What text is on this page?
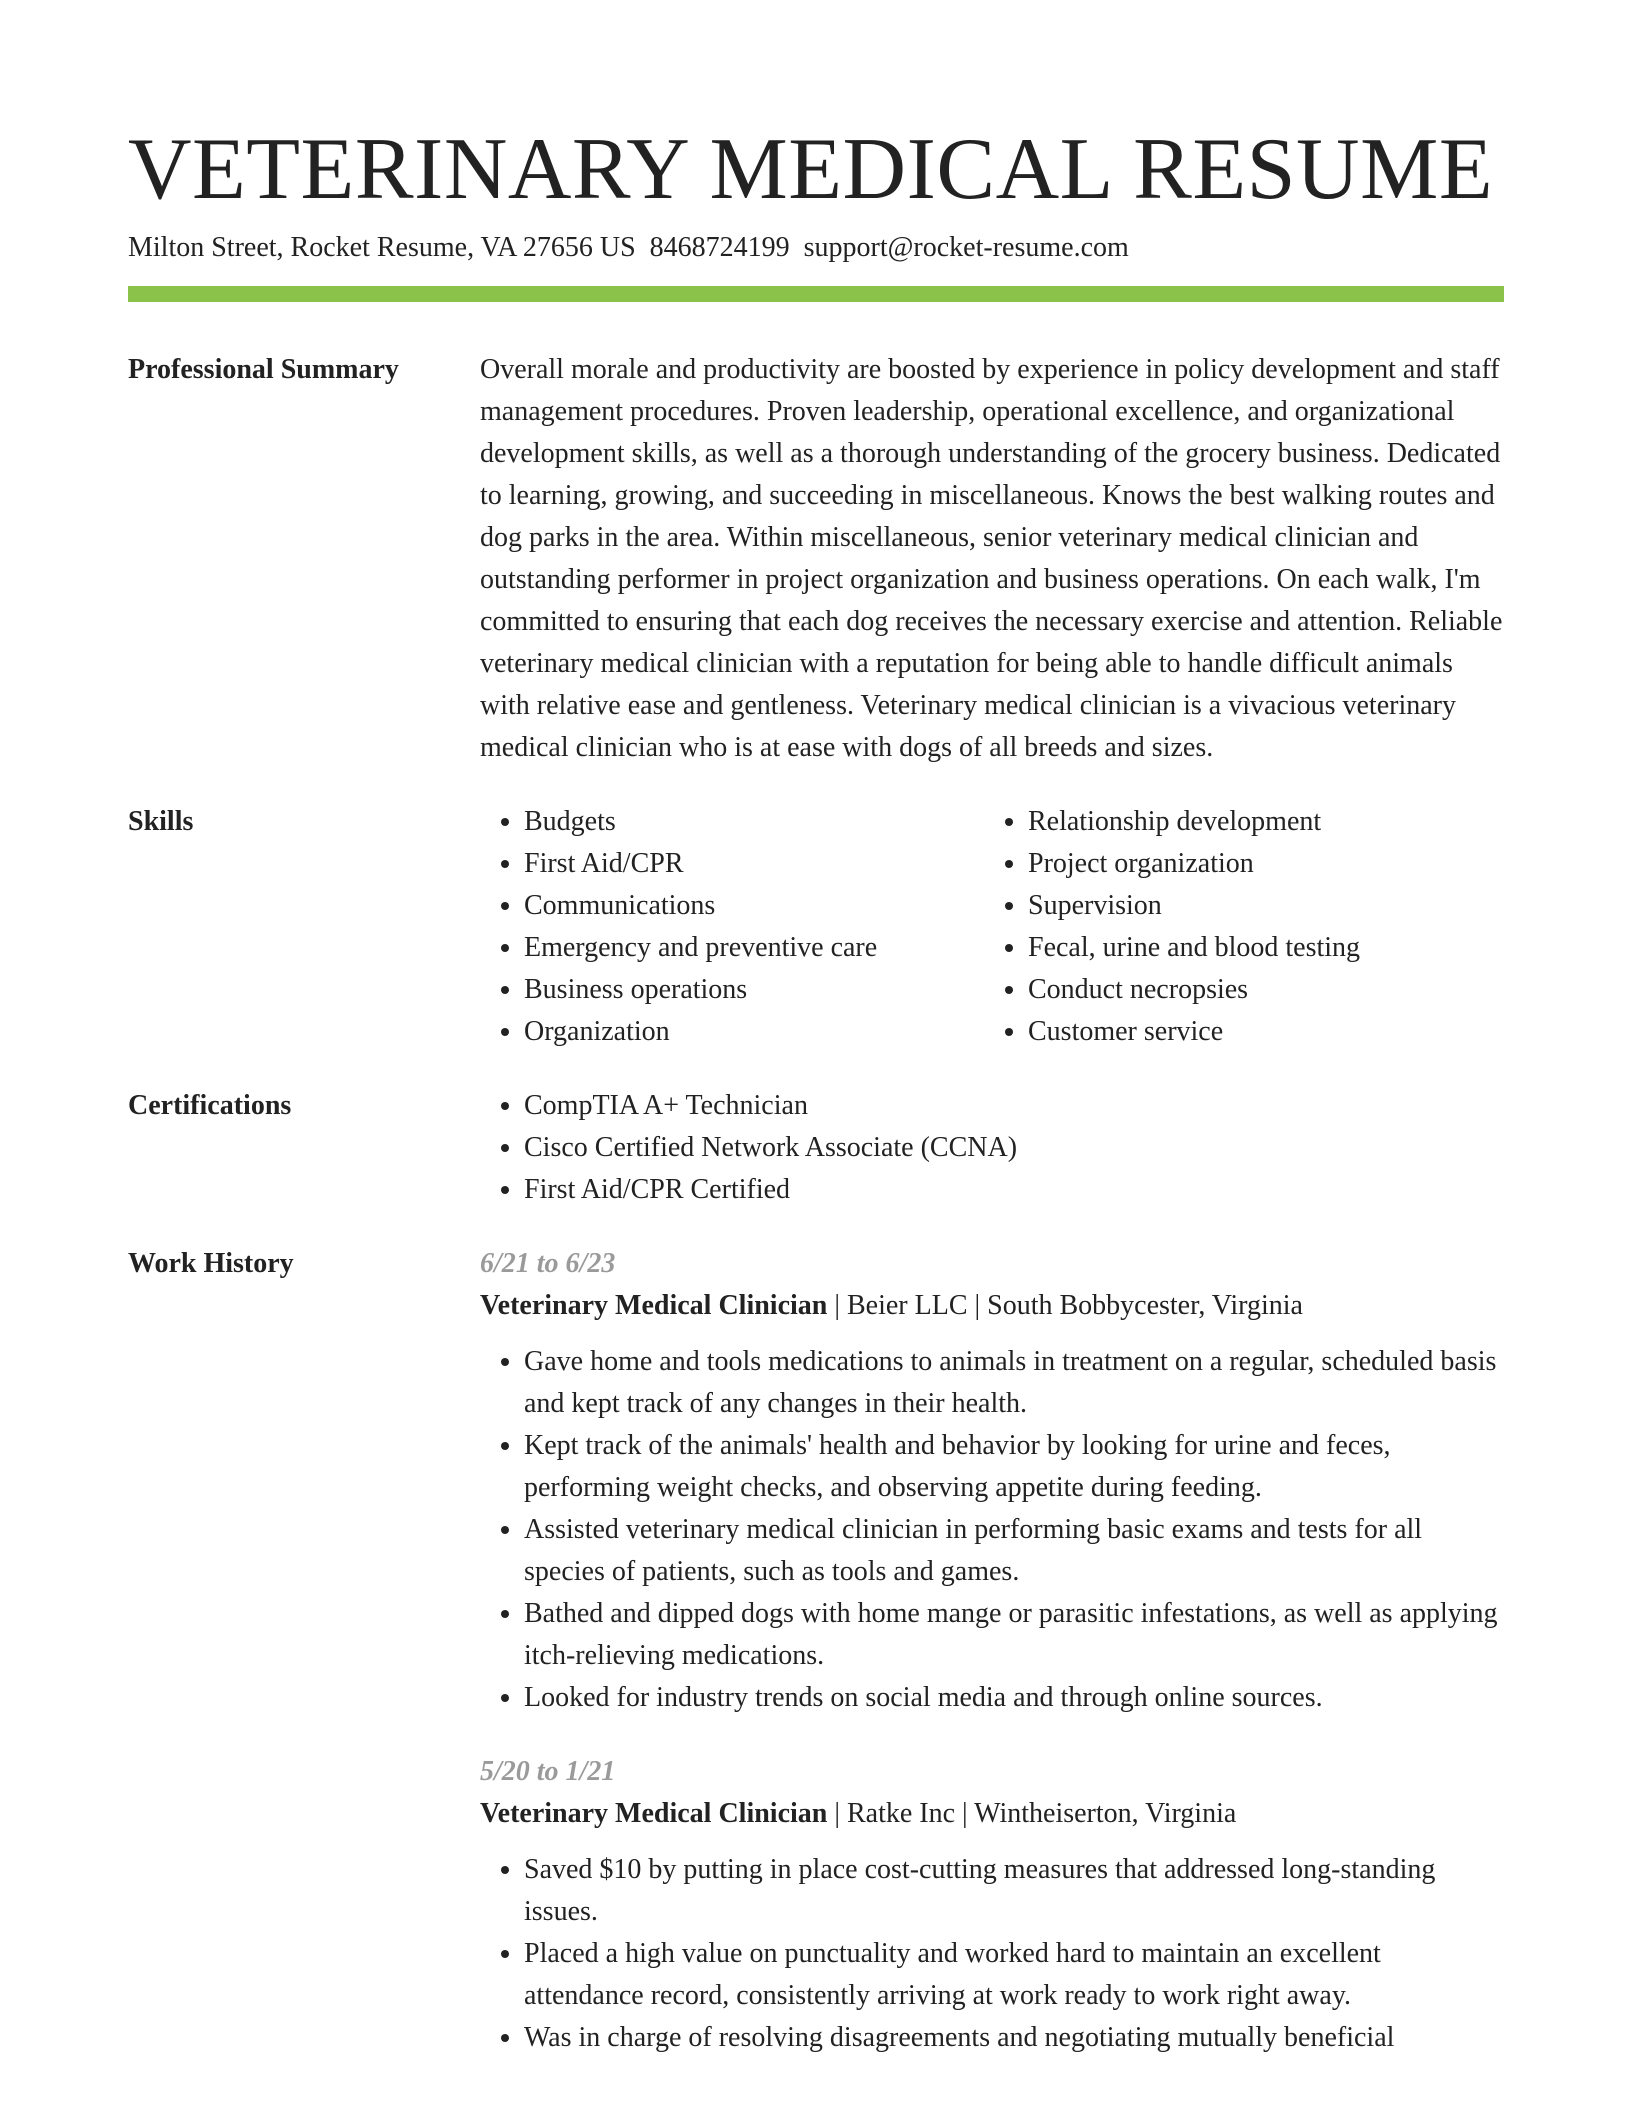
VETERINARY MEDICAL RESUME
Milton Street, Rocket Resume, VA 27656 US 8468724199 support@rocket-resume.com
Professional Summary	Overall morale and productivity are boosted by experience in policy development and staff management procedures. Proven leadership, operational excellence, and organizational development skills, as well as a thorough understanding of the grocery business. Dedicated to learning, growing, and succeeding in miscellaneous. Knows the best walking routes and dog parks in the area. Within miscellaneous, senior veterinary medical clinician and outstanding performer in project organization and business operations. On each walk, I'm committed to ensuring that each dog receives the necessary exercise and attention. Reliable veterinary medical clinician with a reputation for being able to handle difficult animals with relative ease and gentleness. Veterinary medical clinician is a vivacious veterinary medical clinician who is at ease with dogs of all breeds and sizes.

Skills	• Budgets
• First Aid/CPR
• Communications
• Emergency and preventive care
• Business operations
• Organization
• Relationship development
• Project organization
• Supervision
• Fecal, urine and blood testing
• Conduct necropsies
• Customer service
Certifications	• CompTIA A+ Technician
• Cisco Certified Network Associate (CCNA)
• First Aid/CPR Certified
Work History	6/21 to 6/23
Veterinary Medical Clinician | Beier LLC | South Bobbycester, Virginia
• Gave home and tools medications to animals in treatment on a regular, scheduled basis and kept track of any changes in their health.
• Kept track of the animals' health and behavior by looking for urine and feces, performing weight checks, and observing appetite during feeding.
• Assisted veterinary medical clinician in performing basic exams and tests for all species of patients, such as tools and games.
• Bathed and dipped dogs with home mange or parasitic infestations, as well as applying itch-relieving medications.
• Looked for industry trends on social media and through online sources.
5/20 to 1/21
Veterinary Medical Clinician | Ratke Inc | Wintheiserton, Virginia
• Saved $10 by putting in place cost-cutting measures that addressed long-standing issues.
• Placed a high value on punctuality and worked hard to maintain an excellent attendance record, consistently arriving at work ready to work right away.
• Was in charge of resolving disagreements and negotiating mutually beneficial
